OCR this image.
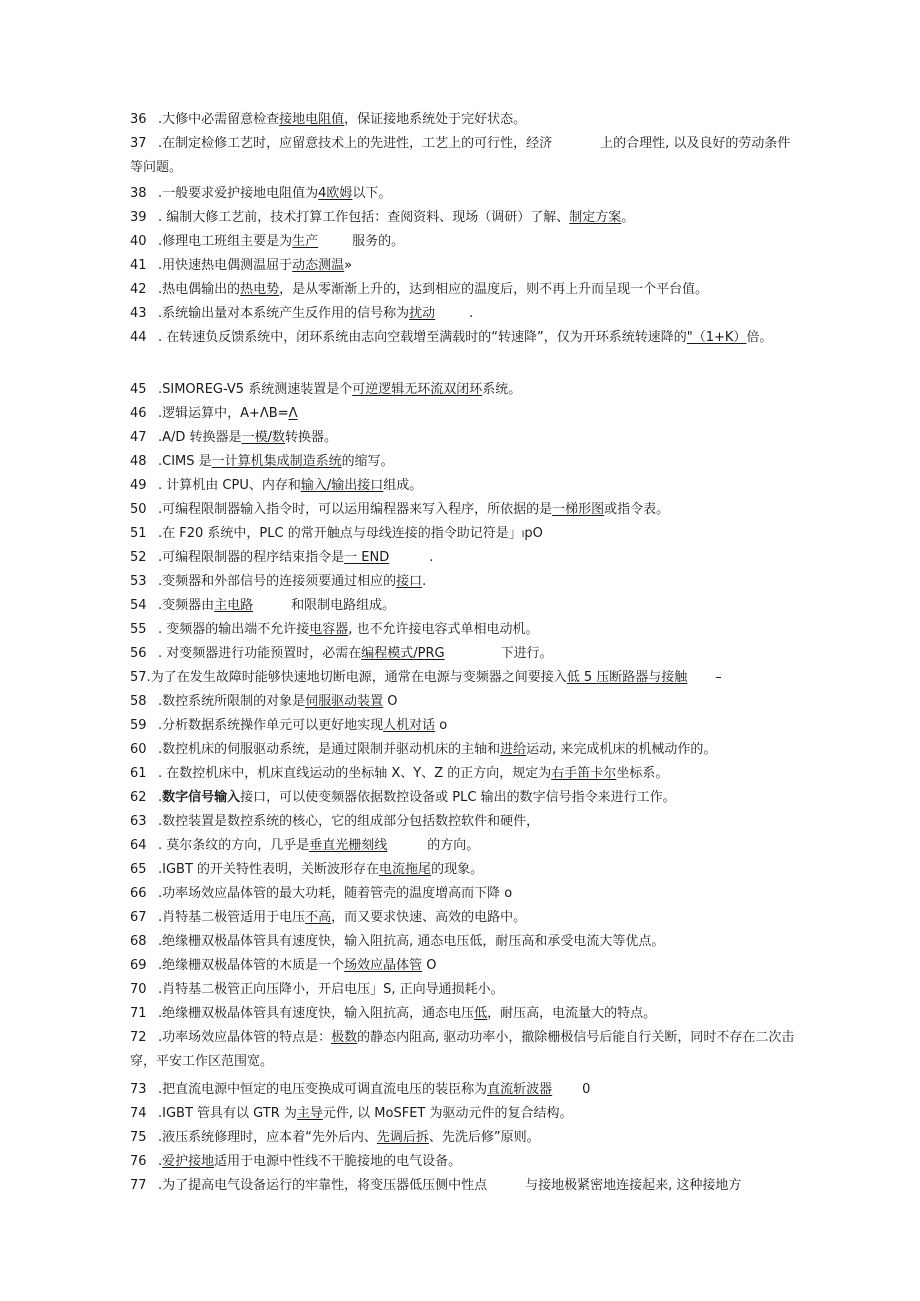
36 .大修中必需留意检查接地电阻值，保证接地系统处于完好状态。
37 .在制定检修工艺时，应留意技术上的先进性，工艺上的可行性，经济	上的合理性, 以及良好的劳动条件等问题。
38 .一般要求爱护接地电阻值为4欧姆以下。
39 . 编制大修工艺前，技术打算工作包括：查阅资料、现场（调研）了解、制定方案。
40 .修理电工班组主要是为生产	服务的。
41 .用快速热电偶测温屈于动态测温»
42 .热电偶输出的热电势，是从零渐渐上升的，达到相应的温度后，则不再上升而呈现一个平台值。
43 .系统输出量对本系统产生反作用的信号称为扰动	.
44 . 在转速负反馈系统中，闭环系统由志向空载增至满载时的“转速降”，仅为开环系统转速降的"（1+K）倍。
45 .SIMOREG-V5 系统测速装置是个可逆逻辑无环流双闭环系统。
46 .逻辑运算中，A+ΛB=Λ
47 .A/D 转换器是一模/数转换器。
48 .CIMS 是一计算机集成制造系统的缩写。
49 . 计算机由 CPU、内存和输入/输出接口组成。
50 .可编程限制器输入指令时，可以运用编程器来写入程序，所依据的是一梯形图或指令表。
51 .在 F20 系统中，PLC 的常开触点与母线连接的指令助记符是」IpO
52 .可编程限制器的程序结束指令是一 END	.
53 .变频器和外部信号的连接须要通过相应的接口.
54 .变频器由主电路	和限制电路组成。
55 . 变频器的输出端不允许接电容器, 也不允许接电容式单相电动机。
56 . 对变频器进行功能预置时，必需在编程模式/PRG	下进行。
57.为了在发生故障时能够快速地切断电源，通常在电源与变频器之间要接入低 5 压断路器与接触 –
58 .数控系统所限制的对象是伺服驱动装置 O
59 .分析数据系统操作单元可以更好地实现人机对话 o
60 .数控机床的伺服驱动系统，是通过限制并驱动机床的主轴和进给运动, 来完成机床的机械动作的。
61 . 在数控机床中，机床直线运动的坐标轴 X、Y、Z 的正方向，规定为右手笛卡尔坐标系。
62 .数字信号输入接口，可以使变频器依据数控设备或 PLC 输出的数字信号指令来进行工作。
63 .数控装置是数控系统的核心，它的组成部分包括数控软件和硬件，
64 . 莫尔条纹的方向，几乎是垂直光栅刻线	的方向。
65 .IGBT 的开关特性表明，关断波形存在电流拖尾的现象。
66 .功率场效应晶体管的最大功耗，随着管壳的温度增高而下降 o
67 .肖特基二极管适用于电压不高，而又要求快速、高效的电路中。
68 .绝缘栅双极晶体管具有速度快，输入阻抗高, 通态电压低，耐压高和承受电流大等优点。
69 .绝缘栅双极晶体管的木质是一个场效应晶体管 O
70 .肖特基二极管正向压降小，开启电压」S, 正向导通损耗小。
71 .绝缘栅双极晶体管具有速度快，输入阻抗高，通态电压低，耐压高，电流量大的特点。
72 .功率场效应晶体管的特点是：极数的静态内阻高, 驱动功率小，撤除栅极信号后能自行关断，同时不存在二次击穿，平安工作区范围宽。
73 .把直流电源中恒定的电压变换成可调直流电压的装臣称为直流斩波器 0
74 .IGBT 管具有以 GTR 为主导元件, 以 MoSFET 为驱动元件的复合结构。
75 .液压系统修理时，应本着“先外后内、先调后拆、先洗后修”原则。
76 .爱护接地适用于电源中性线不干脆接地的电气设备。
77 .为了提高电气设备运行的牢靠性，将变压器低压侧中性点	与接地极紧密地连接起来, 这种接地方
